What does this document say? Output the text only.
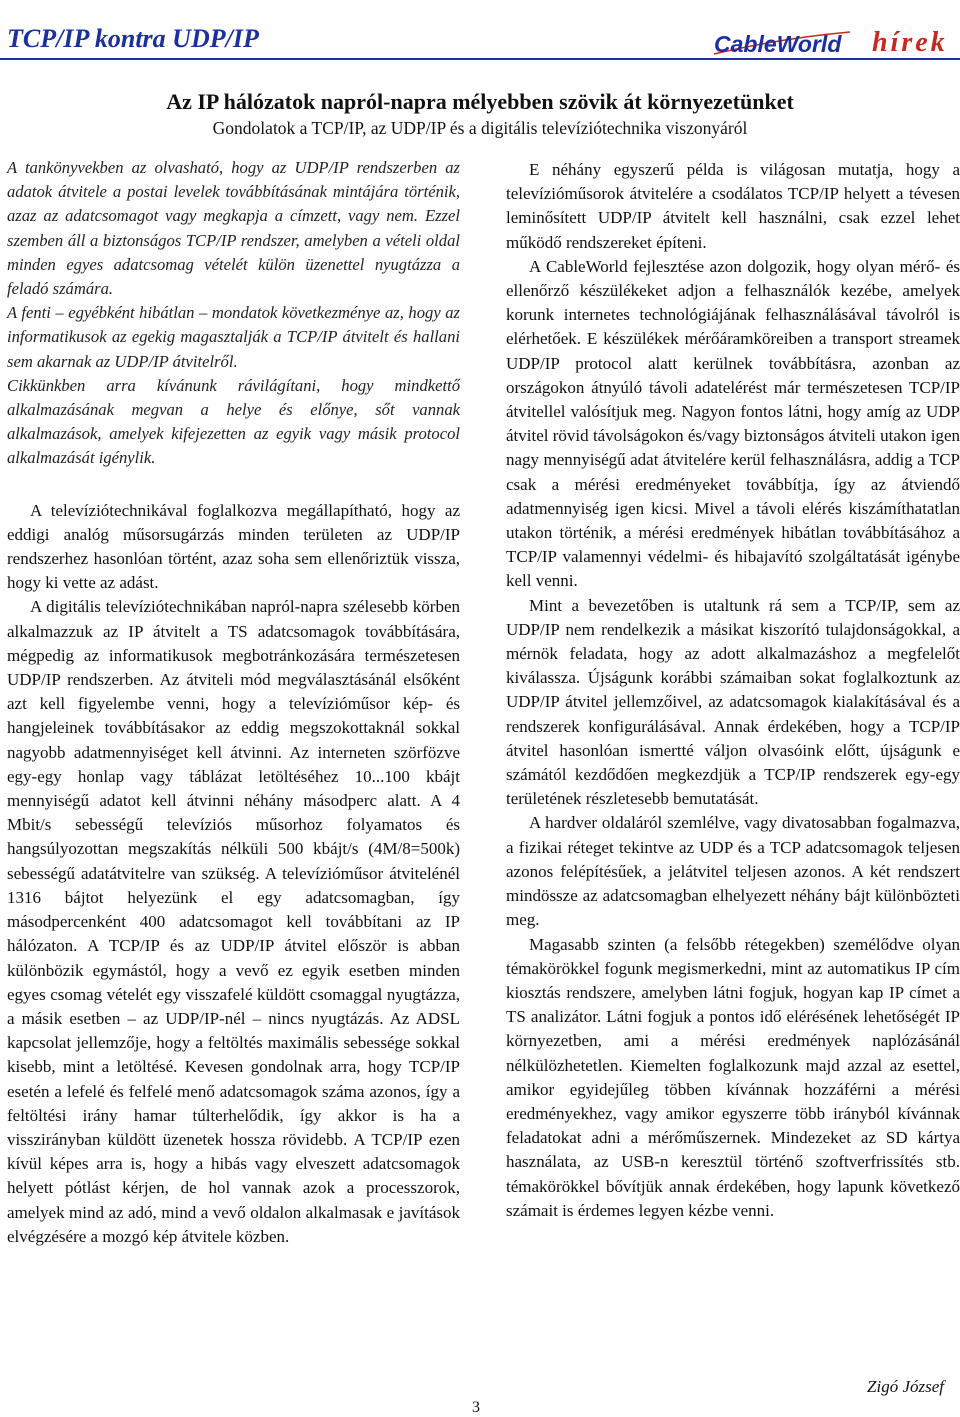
TCP/IP kontra UDP/IP	CableWorld hírek
Az IP hálózatok napról-napra mélyebben szövik át környezetünket

Gondolatok a TCP/IP, az UDP/IP és a digitális televíziótechnika viszonyáról

A tankönyvekben az olvasható, hogy az UDP/IP rendszerben az adatok átvitele a postai levelek továbbításának mintájára történik, azaz az adatcsomagot vagy megkapja a címzett, vagy nem. Ezzel szemben áll a biztonságos TCP/IP rendszer, amelyben a vételi oldal minden egyes adatcsomag vételét külön üzenettel nyugtázza a feladó számára.

A fenti – egyébként hibátlan – mondatok következménye az, hogy az informatikusok az egekig magasztalják a TCP/IP átvitelt és hallani sem akarnak az UDP/IP átvitelről.

Cikkünkben arra kívánunk rávilágítani, hogy mindkettő alkalmazásának megvan a helye és előnye, sőt vannak alkalmazások, amelyek kifejezetten az egyik vagy másik protocol alkalmazását igénylik.

A televíziótechnikával foglalkozva megállapítható, hogy az eddigi analóg műsorsugárzás minden területen az UDP/IP rendszerhez hasonlóan történt, azaz soha sem ellenőriztük vissza, hogy ki vette az adást.

A digitális televíziótechnikában napról-napra szélesebb körben alkalmazzuk az IP átvitelt a TS adatcsomagok továbbítására, mégpedig az informatikusok megbotránkozására természetesen UDP/IP rendszerben. Az átviteli mód megválasztásánál elsőként azt kell figyelembe venni, hogy a televízióműsor kép- és hangjeleinek továbbításakor az eddig megszokottaknál sokkal nagyobb adatmennyiséget kell átvinni. Az interneten szörfözve egy-egy honlap vagy táblázat letöltéséhez 10...100 kbájt mennyiségű adatot kell átvinni néhány másodperc alatt. A 4 Mbit/s sebességű televíziós műsorhoz folyamatos és hangsúlyozottan megszakítás nélküli 500 kbájt/s (4M/8=500k) sebességű adatátvitelre van szükség. A televízióműsor átvitelénél 1316 bájtot helyezünk el egy adatcsomagban, így másodpercenként 400 adatcsomagot kell továbbítani az IP hálózaton. A TCP/IP és az UDP/IP átvitel először is abban különbözik egymástól, hogy a vevő ez egyik esetben minden egyes csomag vételét egy visszafelé küldött csomaggal nyugtázza, a másik esetben – az UDP/IP-nél – nincs nyugtázás. Az ADSL kapcsolat jellemzője, hogy a feltöltés maximális sebessége sokkal kisebb, mint a letöltésé. Kevesen gondolnak arra, hogy TCP/IP esetén a lefelé és felfelé menő adatcsomagok száma azonos, így a feltöltési irány hamar túlterhelődik, így akkor is ha a visszirányban küldött üzenetek hossza rövidebb. A TCP/IP ezen kívül képes arra is, hogy a hibás vagy elveszett adatcsomagok helyett pótlást kérjen, de hol vannak azok a processzorok, amelyek mind az adó, mind a vevő oldalon alkalmasak e javítások elvégzésére a mozgó kép átvitele közben.

E néhány egyszerű példa is világosan mutatja, hogy a televízióműsorok átvitelére a csodálatos TCP/IP helyett a tévesen leminősített UDP/IP átvitelt kell használni, csak ezzel lehet működő rendszereket építeni.

A CableWorld fejlesztése azon dolgozik, hogy olyan mérő- és ellenőrző készülékeket adjon a felhasználók kezébe, amelyek korunk internetes technológiájának felhasználásával távolról is elérhetőek. E készülékek mérőáramköreiben a transport streamek UDP/IP protocol alatt kerülnek továbbításra, azonban az országokon átnyúló távoli adatelérést már természetesen TCP/IP átvitellel valósítjuk meg. Nagyon fontos látni, hogy amíg az UDP átvitel rövid távolságokon és/vagy biztonságos átviteli utakon igen nagy mennyiségű adat átvitelére kerül felhasználásra, addig a TCP csak a mérési eredményeket továbbítja, így az átviendő adatmennyiség igen kicsi. Mivel a távoli elérés kiszámíthatatlan utakon történik, a mérési eredmények hibátlan továbbításához a TCP/IP valamennyi védelmi- és hibajavító szolgáltatását igénybe kell venni.

Mint a bevezetőben is utaltunk rá sem a TCP/IP, sem az UDP/IP nem rendelkezik a másikat kiszorító tulajdonságokkal, a mérnök feladata, hogy az adott alkalmazáshoz a megfelelőt kiválassza. Újságunk korábbi számaiban sokat foglalkoztunk az UDP/IP átvitel jellemzőivel, az adatcsomagok kialakításával és a rendszerek konfigurálásával. Annak érdekében, hogy a TCP/IP átvitel hasonlóan ismertté váljon olvasóink előtt, újságunk e számától kezdődően megkezdjük a TCP/IP rendszerek egy-egy területének részletesebb bemutatását.

A hardver oldaláról szemlélve, vagy divatosabban fogalmazva, a fizikai réteget tekintve az UDP és a TCP adatcsomagok teljesen azonos felépítésűek, a jelátvitel teljesen azonos. A két rendszert mindössze az adatcsomagban elhelyezett néhány bájt különbözteti meg.

Magasabb szinten (a felsőbb rétegekben) személődve olyan témakörökkel fogunk megismerkedni, mint az automatikus IP cím kiosztás rendszere, amelyben látni fogjuk, hogyan kap IP címet a TS analizátor. Látni fogjuk a pontos idő elérésének lehetőségét IP környezetben, ami a mérési eredmények naplózásánál nélkülözhetetlen. Kiemelten foglalkozunk majd azzal az esettel, amikor egyidejűleg többen kívánnak hozzáférni a mérési eredményekhez, vagy amikor egyszerre több irányból kívánnak feladatokat adni a mérőműszernek. Mindezeket az SD kártya használata, az USB-n keresztül történő szoftverfrissítés stb. témakörökkel bővítjük annak érdekében, hogy lapunk következő számait is érdemes legyen kézbe venni.

Zigó József
3
